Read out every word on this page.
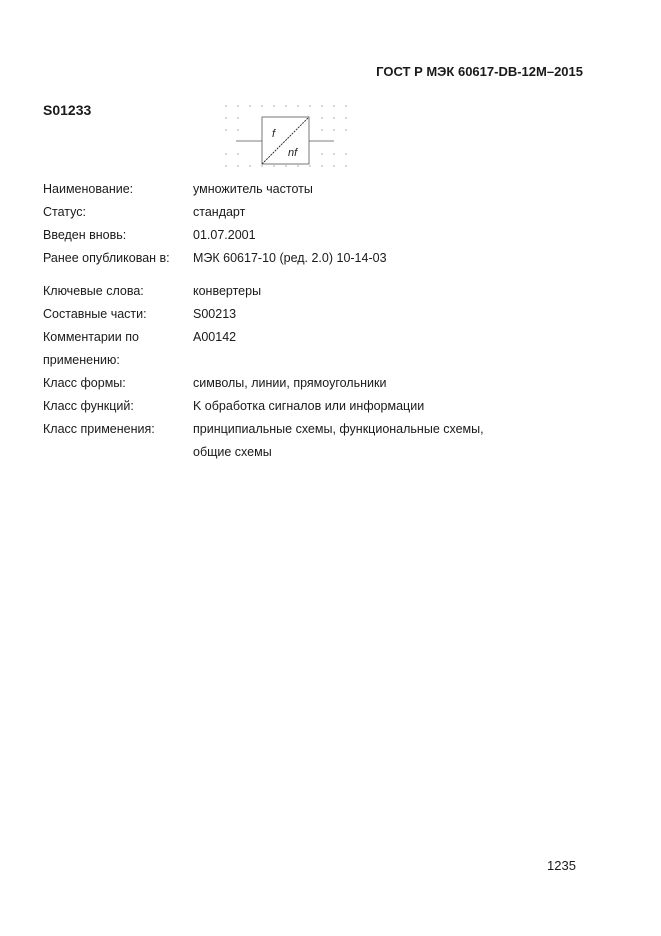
ГОСТ Р МЭК 60617-DB-12M–2015
S01233
f
nf
Наименование:	умножитель частоты
Статус:	стандарт
Введен вновь:	01.07.2001
Ранее опубликован в:	МЭК 60617-10 (ред. 2.0) 10-14-03
Ключевые слова:	конвертеры
Составные части:	S00213
Комментарии по	A00142
применению:
Класс формы:	символы, линии, прямоугольники
Класс функций:	K обработка сигналов или информации
Класс применения:	принципиальные схемы, функциональные схемы,
общие схемы
1235
